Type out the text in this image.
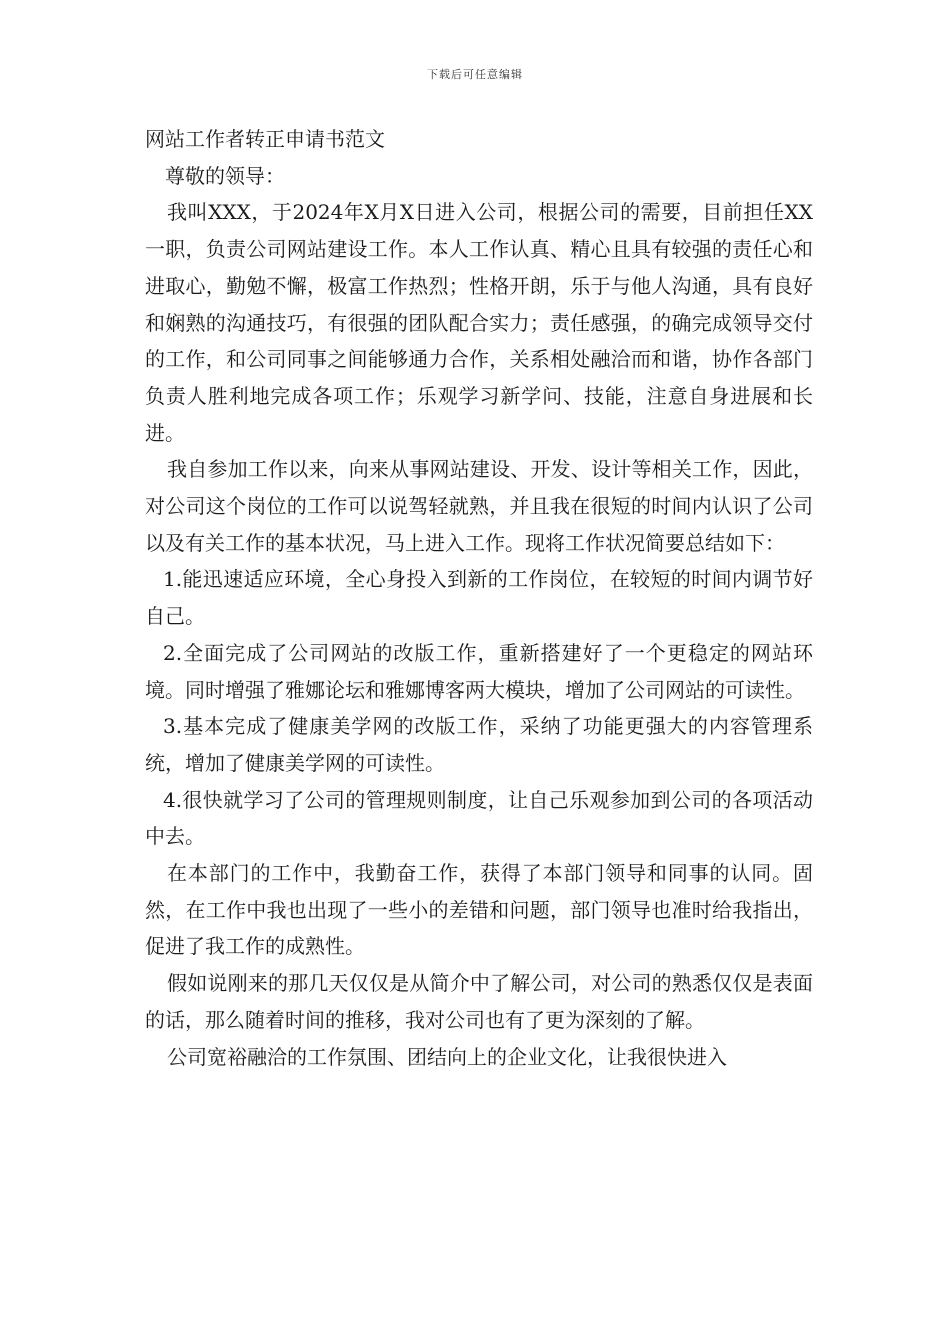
下载后可任意编辑

网站工作者转正申请书范文

尊敬的领导：

我叫XXX，于2024年X月X日进入公司，根据公司的需要，目前担任XX一职，负责公司网站建设工作。本人工作认真、精心且具有较强的责任心和进取心，勤勉不懈，极富工作热烈；性格开朗，乐于与他人沟通，具有良好和娴熟的沟通技巧，有很强的团队配合实力；责任感强，的确完成领导交付的工作，和公司同事之间能够通力合作，关系相处融洽而和谐，协作各部门负责人胜利地完成各项工作；乐观学习新学问、技能，注意自身进展和长进。

我自参加工作以来，向来从事网站建设、开发、设计等相关工作，因此，对公司这个岗位的工作可以说驾轻就熟，并且我在很短的时间内认识了公司以及有关工作的基本状况，马上进入工作。现将工作状况简要总结如下：

1.能迅速适应环境，全心身投入到新的工作岗位，在较短的时间内调节好自己。

2.全面完成了公司网站的改版工作，重新搭建好了一个更稳定的网站环境。同时增强了雅娜论坛和雅娜博客两大模块，增加了公司网站的可读性。

3.基本完成了健康美学网的改版工作，采纳了功能更强大的内容管理系统，增加了健康美学网的可读性。

4.很快就学习了公司的管理规则制度，让自己乐观参加到公司的各项活动中去。

在本部门的工作中，我勤奋工作，获得了本部门领导和同事的认同。固然，在工作中我也出现了一些小的差错和问题，部门领导也准时给我指出，促进了我工作的成熟性。

假如说刚来的那几天仅仅是从简介中了解公司，对公司的熟悉仅仅是表面的话，那么随着时间的推移，我对公司也有了更为深刻的了解。

公司宽裕融洽的工作氛围、团结向上的企业文化，让我很快进入
